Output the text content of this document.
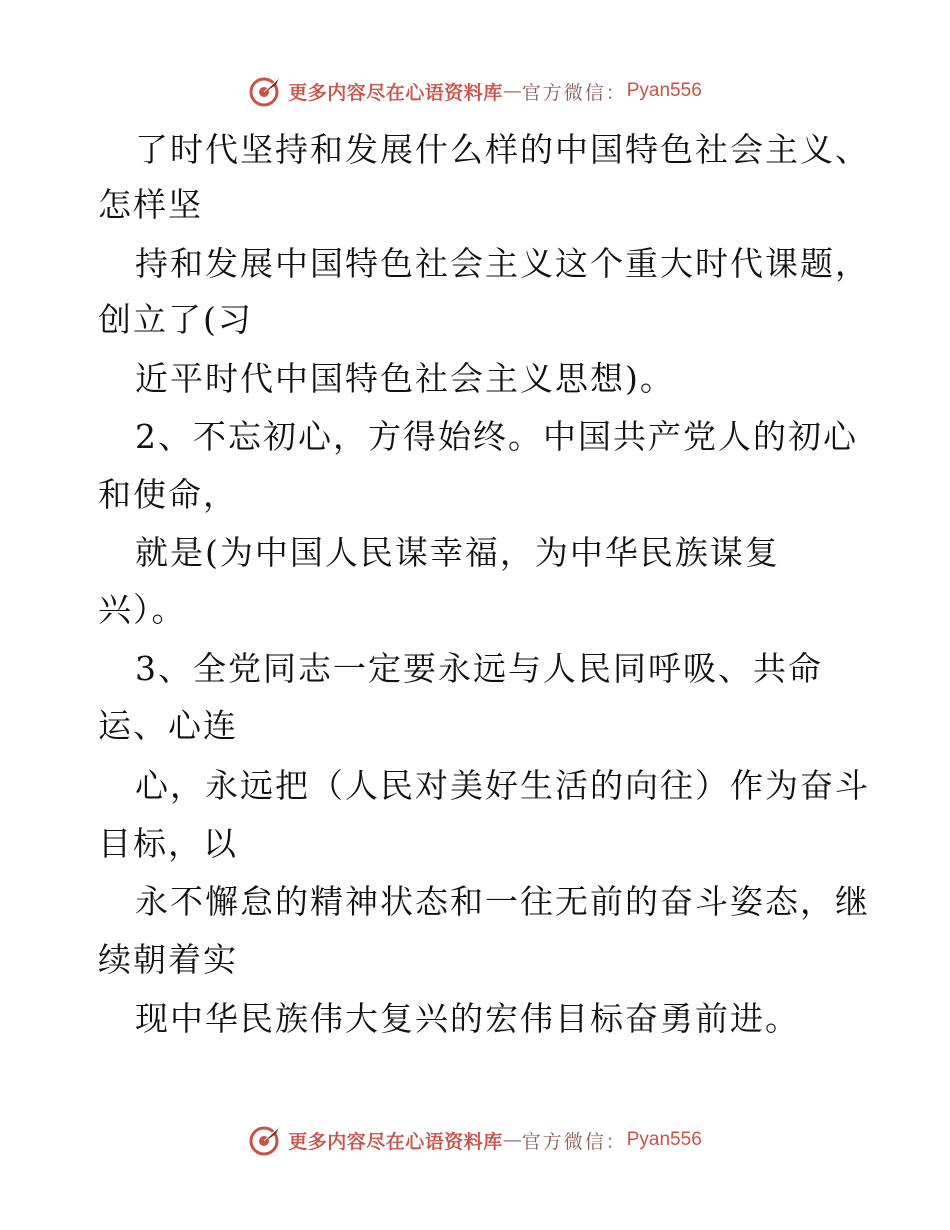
更多内容尽在心语资料库 — 官方微信： Pyan556
了时代坚持和发展什么样的中国特色社会主义、
怎样坚
持和发展中国特色社会主义这个重大时代课题，
创立了(习
近平时代中国特色社会主义思想)。
2、不忘初心，方得始终。中国共产党人的初心
和使命，
就是(为中国人民谋幸福，为中华民族谋复
兴）。
3、全党同志一定要永远与人民同呼吸、共命
运、心连
心，永远把（人民对美好生活的向往）作为奋斗
目标，以
永不懈怠的精神状态和一往无前的奋斗姿态，继
续朝着实
现中华民族伟大复兴的宏伟目标奋勇前进。
更多内容尽在心语资料库 — 官方微信： Pyan556
